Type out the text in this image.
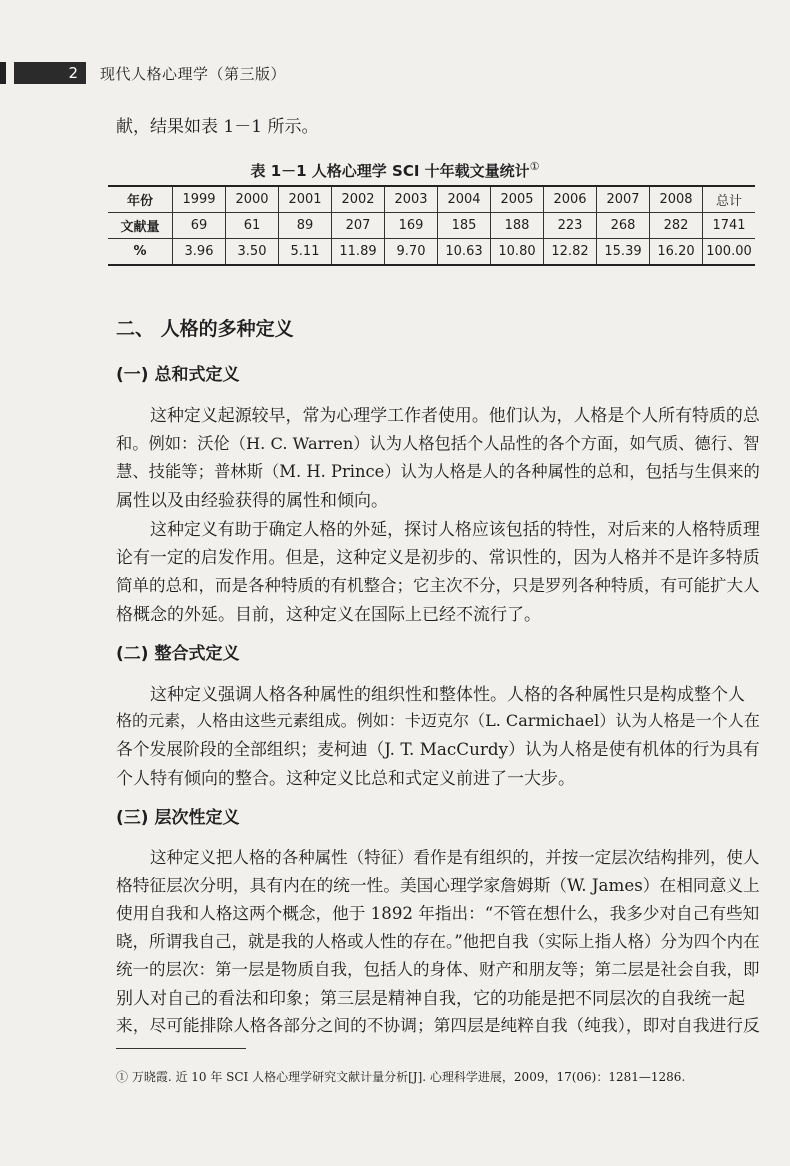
2 现代人格心理学（第三版）
献，结果如表 1－1 所示。
表 1－1 人格心理学 SCI 十年载文量统计①
年份	1999	2000	2001	2002	2003	2004	2005	2006	2007	2008	总计
文献量	69	61	89	207	169	185	188	223	268	282	1741
%	3.96	3.50	5.11	11.89	9.70	10.63	10.80	12.82	15.39	16.20	100.00
二、 人格的多种定义
(一) 总和式定义
这种定义起源较早，常为心理学工作者使用。他们认为，人格是个人所有特质的总
和。例如：沃伦（H. C. Warren）认为人格包括个人品性的各个方面，如气质、德行、智
慧、技能等；普林斯（M. H. Prince）认为人格是人的各种属性的总和，包括与生俱来的
属性以及由经验获得的属性和倾向。
这种定义有助于确定人格的外延，探讨人格应该包括的特性，对后来的人格特质理
论有一定的启发作用。但是，这种定义是初步的、常识性的，因为人格并不是许多特质
简单的总和，而是各种特质的有机整合；它主次不分，只是罗列各种特质，有可能扩大人
格概念的外延。目前，这种定义在国际上已经不流行了。
(二) 整合式定义
这种定义强调人格各种属性的组织性和整体性。人格的各种属性只是构成整个人
格的元素，人格由这些元素组成。例如：卡迈克尔（L. Carmichael）认为人格是一个人在
各个发展阶段的全部组织；麦柯迪（J. T. MacCurdy）认为人格是使有机体的行为具有
个人特有倾向的整合。这种定义比总和式定义前进了一大步。
(三) 层次性定义
这种定义把人格的各种属性（特征）看作是有组织的，并按一定层次结构排列，使人
格特征层次分明，具有内在的统一性。美国心理学家詹姆斯（W. James）在相同意义上
使用自我和人格这两个概念，他于 1892 年指出：“不管在想什么，我多少对自己有些知
晓，所谓我自己，就是我的人格或人性的存在。”他把自我（实际上指人格）分为四个内在
统一的层次：第一层是物质自我，包括人的身体、财产和朋友等；第二层是社会自我，即
别人对自己的看法和印象；第三层是精神自我，它的功能是把不同层次的自我统一起
来，尽可能排除人格各部分之间的不协调；第四层是纯粹自我（纯我），即对自我进行反
① 万晓霞. 近 10 年 SCI 人格心理学研究文献计量分析[J]. 心理科学进展，2009，17(06)：1281—1286.
